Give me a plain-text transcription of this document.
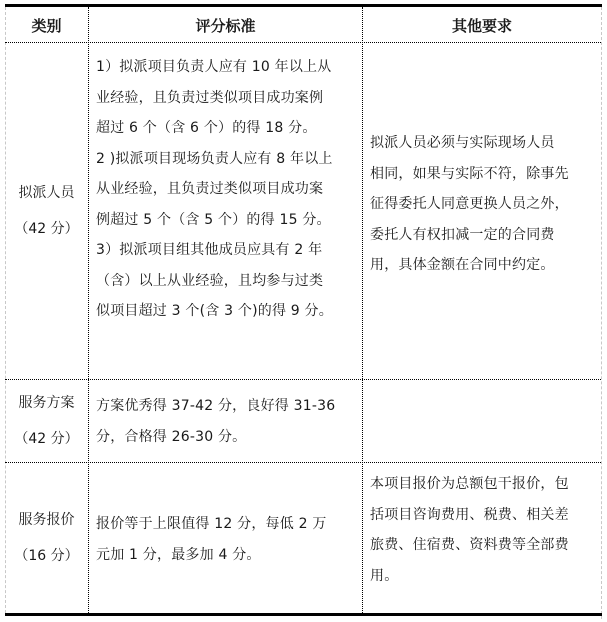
类别	评分标准	其他要求
拟派人员
（42 分）
1）拟派项目负责人应有 10 年以上从
业经验，且负责过类似项目成功案例
超过 6 个（含 6 个）的得 18 分。
2 )拟派项目现场负责人应有 8 年以上
从业经验，且负责过类似项目成功案
例超过 5 个（含 5 个）的得 15 分。
3）拟派项目组其他成员应具有 2 年
（含）以上从业经验，且均参与过类
似项目超过 3 个(含 3 个)的得 9 分。
拟派人员必须与实际现场人员
相同，如果与实际不符，除事先
征得委托人同意更换人员之外，
委托人有权扣减一定的合同费
用，具体金额在合同中约定。
服务方案
（42 分）
方案优秀得 37-42 分，良好得 31-36
分，合格得 26-30 分。
服务报价
（16 分）
报价等于上限值得 12 分，每低 2 万
元加 1 分，最多加 4 分。
本项目报价为总额包干报价，包
括项目咨询费用、税费、相关差
旅费、住宿费、资料费等全部费
用。
